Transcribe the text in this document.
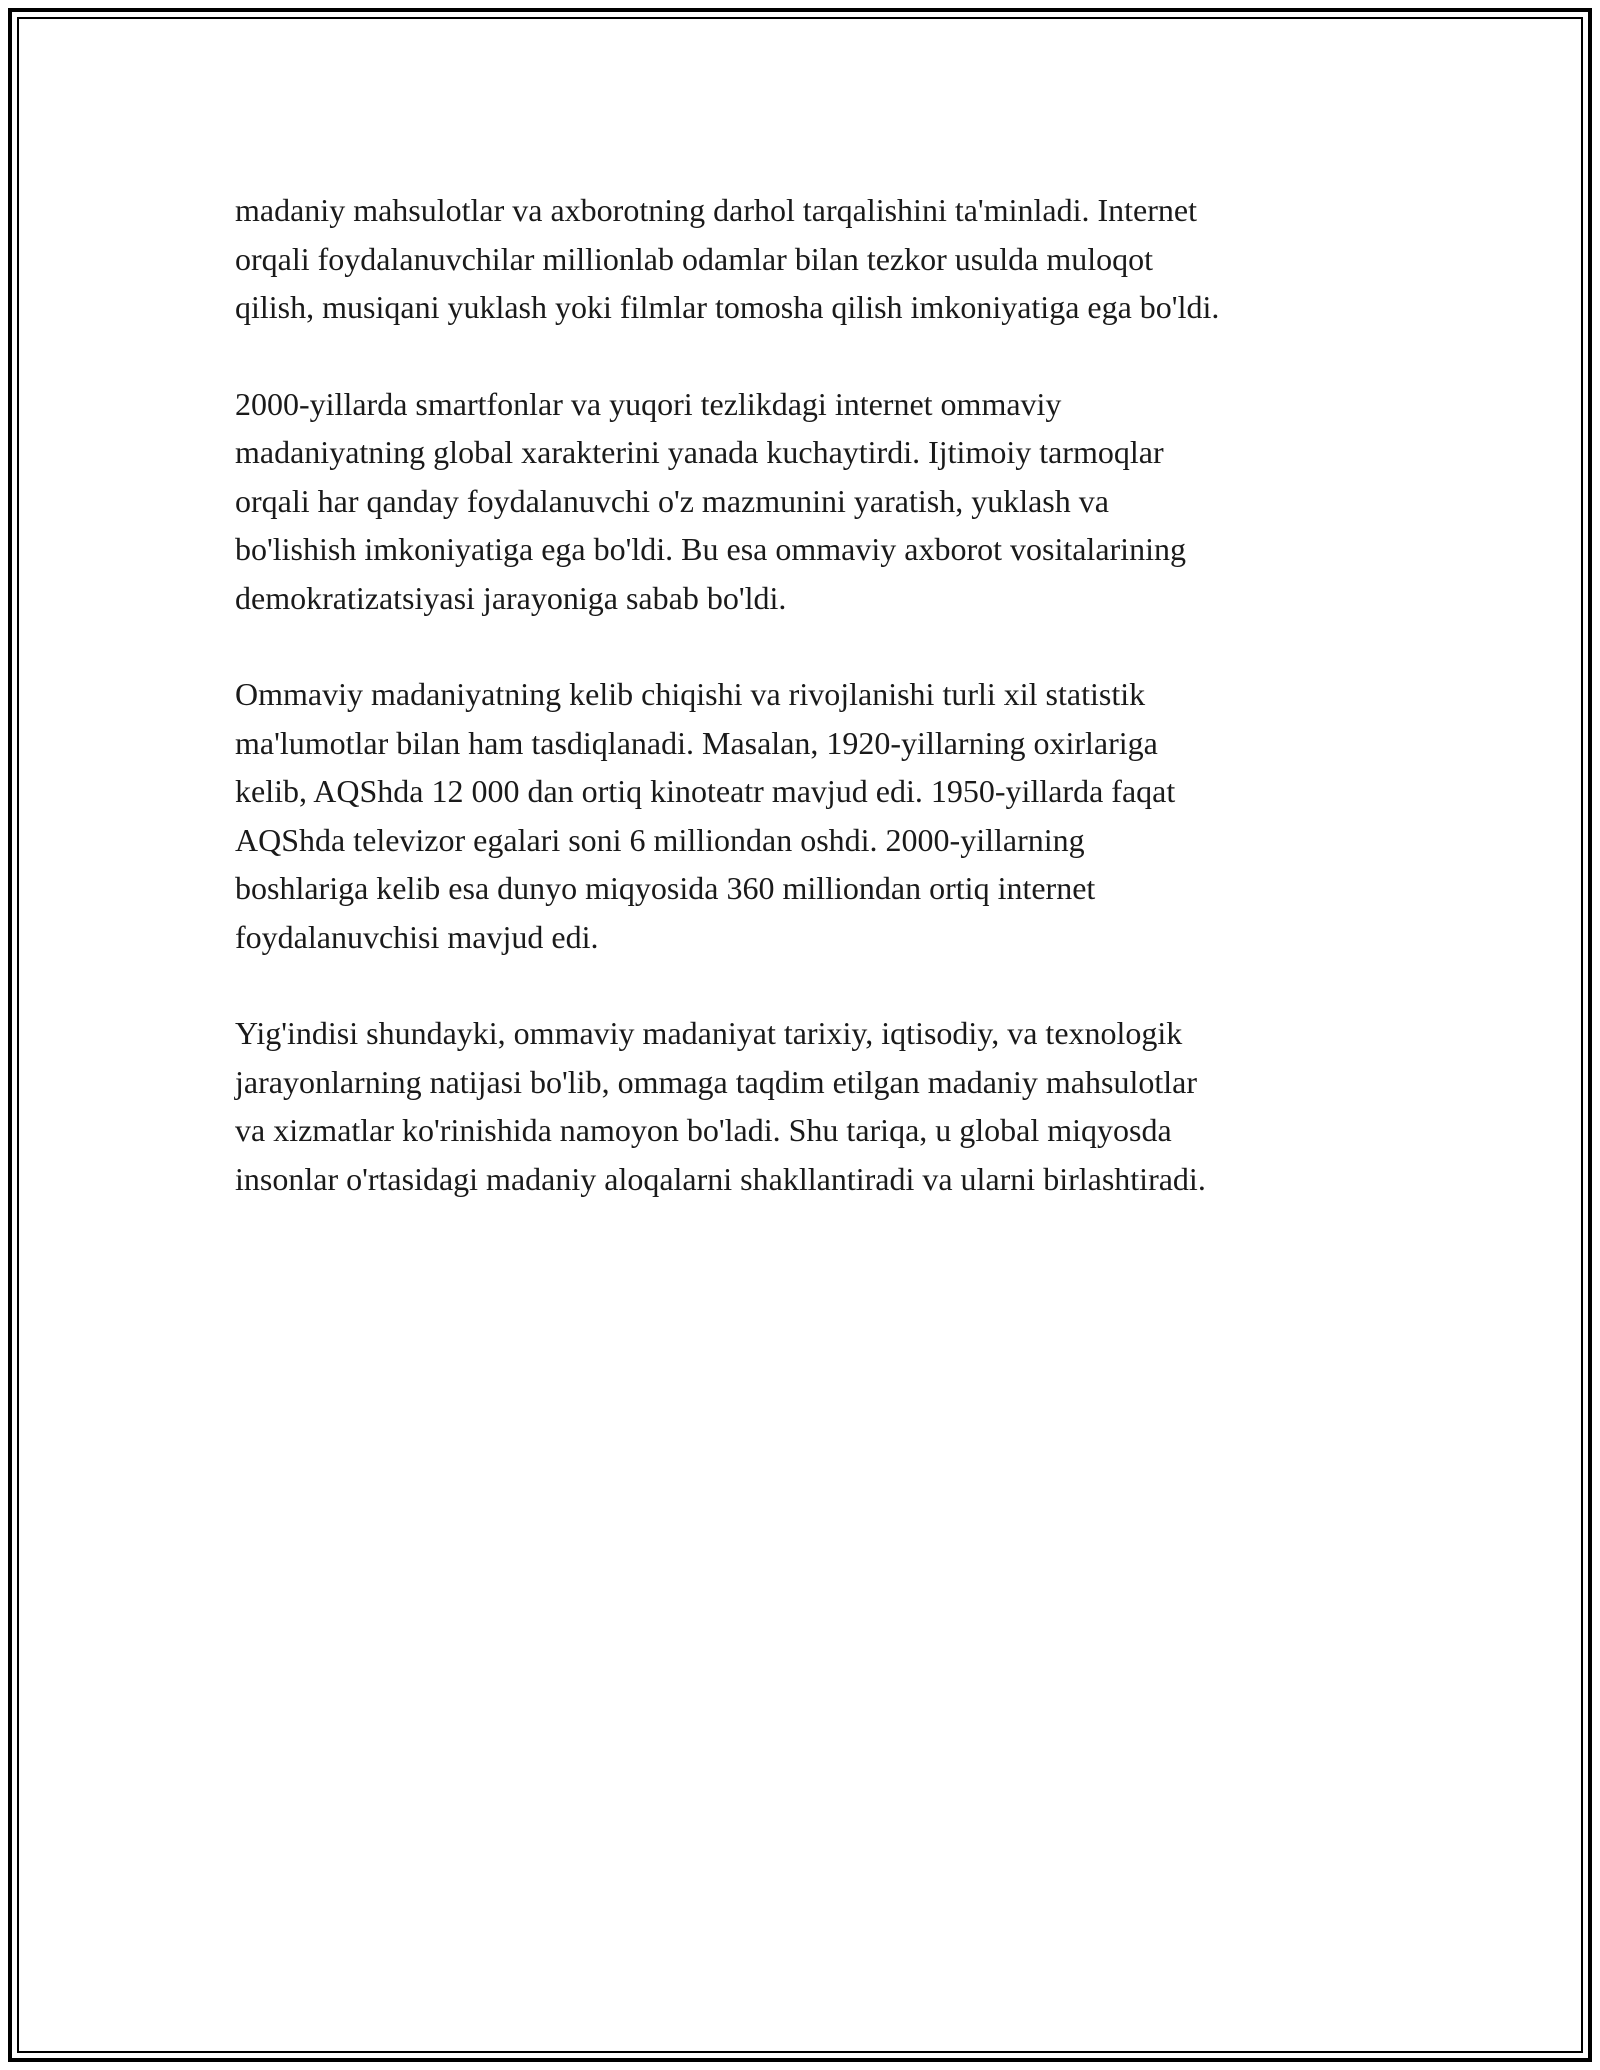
madaniy mahsulotlar va axborotning darhol tarqalishini ta'minladi. Internet
orqali foydalanuvchilar millionlab odamlar bilan tezkor usulda muloqot
qilish, musiqani yuklash yoki filmlar tomosha qilish imkoniyatiga ega bo'ldi.

2000-yillarda smartfonlar va yuqori tezlikdagi internet ommaviy
madaniyatning global xarakterini yanada kuchaytirdi. Ijtimoiy tarmoqlar
orqali har qanday foydalanuvchi o'z mazmunini yaratish, yuklash va
bo'lishish imkoniyatiga ega bo'ldi. Bu esa ommaviy axborot vositalarining
demokratizatsiyasi jarayoniga sabab bo'ldi.

Ommaviy madaniyatning kelib chiqishi va rivojlanishi turli xil statistik
ma'lumotlar bilan ham tasdiqlanadi. Masalan, 1920-yillarning oxirlariga
kelib, AQShda 12 000 dan ortiq kinoteatr mavjud edi. 1950-yillarda faqat
AQShda televizor egalari soni 6 milliondan oshdi. 2000-yillarning
boshlariga kelib esa dunyo miqyosida 360 milliondan ortiq internet
foydalanuvchisi mavjud edi.

Yig'indisi shundayki, ommaviy madaniyat tarixiy, iqtisodiy, va texnologik
jarayonlarning natijasi bo'lib, ommaga taqdim etilgan madaniy mahsulotlar
va xizmatlar ko'rinishida namoyon bo'ladi. Shu tariqa, u global miqyosda
insonlar o'rtasidagi madaniy aloqalarni shakllantiradi va ularni birlashtiradi.
